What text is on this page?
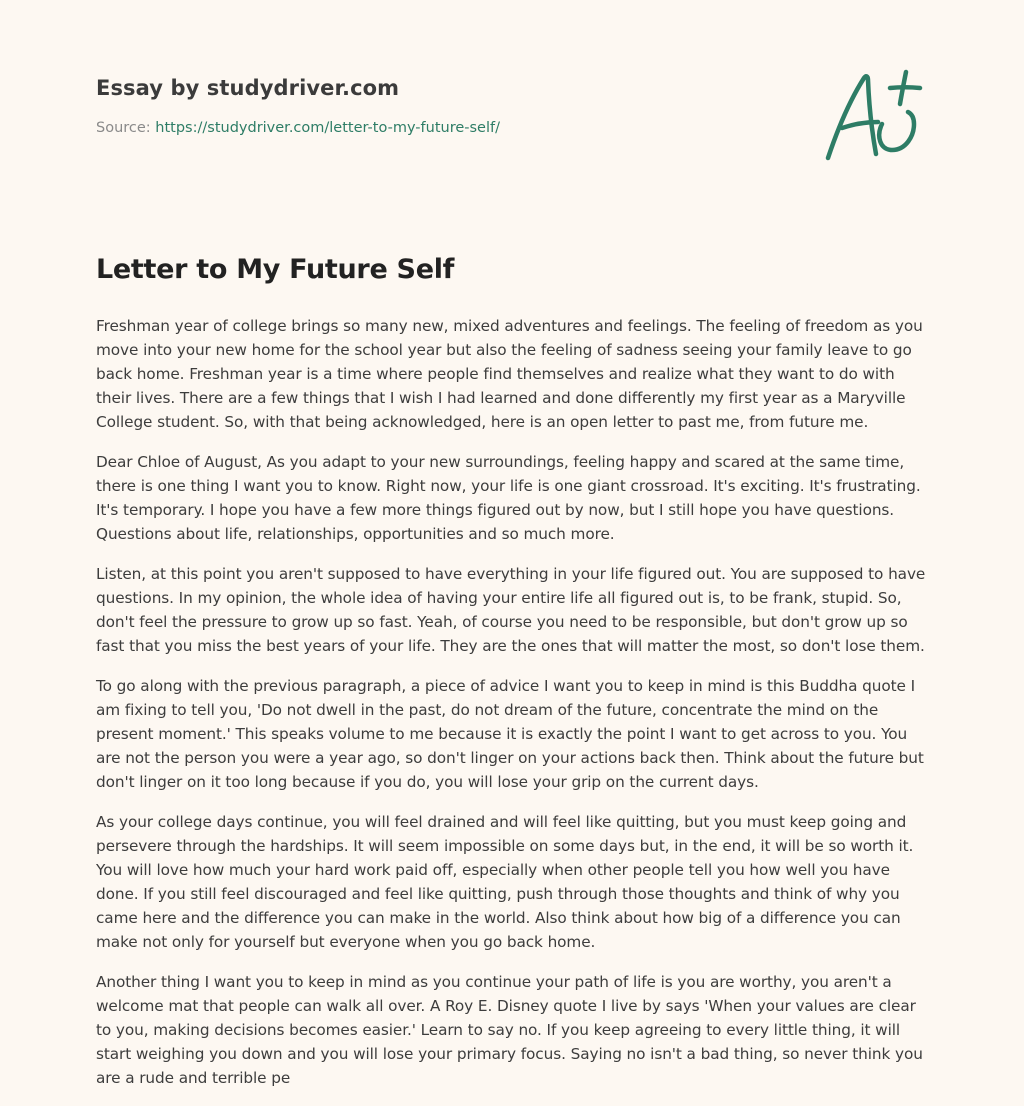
Essay by studydriver.com
Source: https://studydriver.com/letter-to-my-future-self/
Letter to My Future Self

Freshman year of college brings so many new, mixed adventures and feelings. The feeling of freedom as you move into your new home for the school year but also the feeling of sadness seeing your family leave to go back home. Freshman year is a time where people find themselves and realize what they want to do with their lives. There are a few things that I wish I had learned and done differently my first year as a Maryville College student. So, with that being acknowledged, here is an open letter to past me, from future me.

Dear Chloe of August, As you adapt to your new surroundings, feeling happy and scared at the same time, there is one thing I want you to know. Right now, your life is one giant crossroad. It's exciting. It's frustrating. It's temporary. I hope you have a few more things figured out by now, but I still hope you have questions. Questions about life, relationships, opportunities and so much more.

Listen, at this point you aren't supposed to have everything in your life figured out. You are supposed to have questions. In my opinion, the whole idea of having your entire life all figured out is, to be frank, stupid. So, don't feel the pressure to grow up so fast. Yeah, of course you need to be responsible, but don't grow up so fast that you miss the best years of your life. They are the ones that will matter the most, so don't lose them.

To go along with the previous paragraph, a piece of advice I want you to keep in mind is this Buddha quote I am fixing to tell you, 'Do not dwell in the past, do not dream of the future, concentrate the mind on the present moment.' This speaks volume to me because it is exactly the point I want to get across to you. You are not the person you were a year ago, so don't linger on your actions back then. Think about the future but don't linger on it too long because if you do, you will lose your grip on the current days.

As your college days continue, you will feel drained and will feel like quitting, but you must keep going and persevere through the hardships. It will seem impossible on some days but, in the end, it will be so worth it. You will love how much your hard work paid off, especially when other people tell you how well you have done. If you still feel discouraged and feel like quitting, push through those thoughts and think of why you came here and the difference you can make in the world. Also think about how big of a difference you can make not only for yourself but everyone when you go back home.

Another thing I want you to keep in mind as you continue your path of life is you are worthy, you aren't a welcome mat that people can walk all over. A Roy E. Disney quote I live by says 'When your values are clear to you, making decisions becomes easier.' Learn to say no. If you keep agreeing to every little thing, it will start weighing you down and you will lose your primary focus. Saying no isn't a bad thing, so never think you are a rude and terrible pe
